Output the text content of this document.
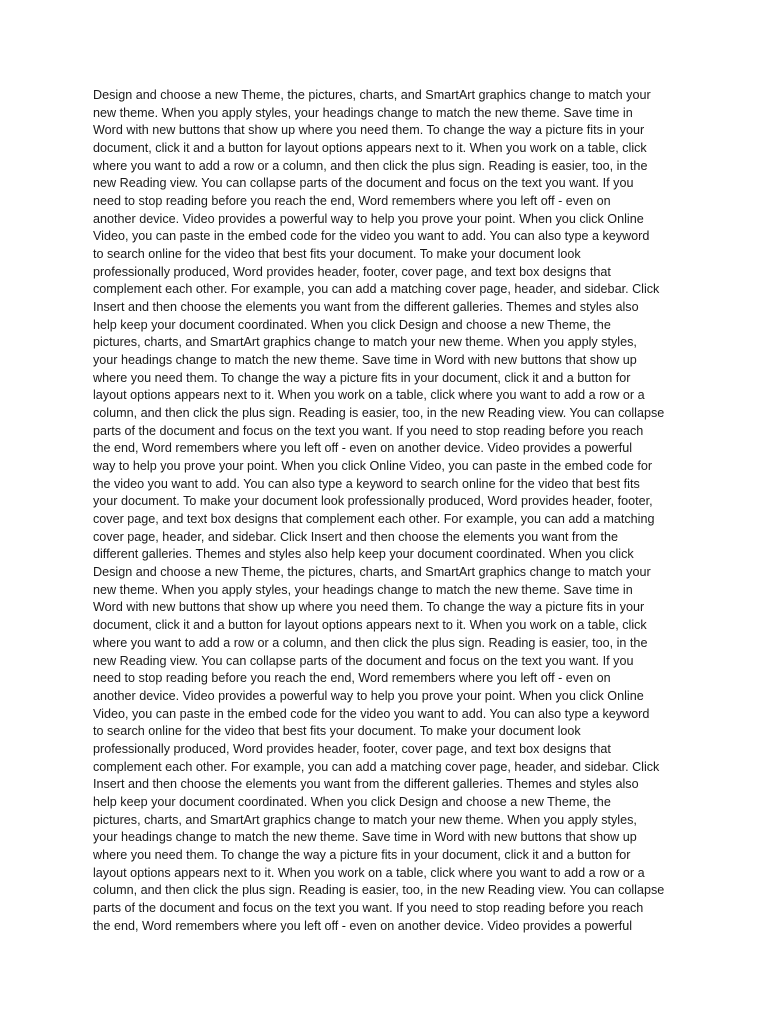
Design and choose a new Theme, the pictures, charts, and SmartArt graphics change to match your
new theme. When you apply styles, your headings change to match the new theme. Save time in
Word with new buttons that show up where you need them. To change the way a picture fits in your
document, click it and a button for layout options appears next to it. When you work on a table, click
where you want to add a row or a column, and then click the plus sign. Reading is easier, too, in the
new Reading view. You can collapse parts of the document and focus on the text you want. If you
need to stop reading before you reach the end, Word remembers where you left off - even on
another device. Video provides a powerful way to help you prove your point. When you click Online
Video, you can paste in the embed code for the video you want to add. You can also type a keyword
to search online for the video that best fits your document. To make your document look
professionally produced, Word provides header, footer, cover page, and text box designs that
complement each other. For example, you can add a matching cover page, header, and sidebar. Click
Insert and then choose the elements you want from the different galleries. Themes and styles also
help keep your document coordinated. When you click Design and choose a new Theme, the
pictures, charts, and SmartArt graphics change to match your new theme. When you apply styles,
your headings change to match the new theme. Save time in Word with new buttons that show up
where you need them. To change the way a picture fits in your document, click it and a button for
layout options appears next to it. When you work on a table, click where you want to add a row or a
column, and then click the plus sign. Reading is easier, too, in the new Reading view. You can collapse
parts of the document and focus on the text you want. If you need to stop reading before you reach
the end, Word remembers where you left off - even on another device. Video provides a powerful
way to help you prove your point. When you click Online Video, you can paste in the embed code for
the video you want to add. You can also type a keyword to search online for the video that best fits
your document. To make your document look professionally produced, Word provides header, footer,
cover page, and text box designs that complement each other. For example, you can add a matching
cover page, header, and sidebar. Click Insert and then choose the elements you want from the
different galleries. Themes and styles also help keep your document coordinated. When you click
Design and choose a new Theme, the pictures, charts, and SmartArt graphics change to match your
new theme. When you apply styles, your headings change to match the new theme. Save time in
Word with new buttons that show up where you need them. To change the way a picture fits in your
document, click it and a button for layout options appears next to it. When you work on a table, click
where you want to add a row or a column, and then click the plus sign. Reading is easier, too, in the
new Reading view. You can collapse parts of the document and focus on the text you want. If you
need to stop reading before you reach the end, Word remembers where you left off - even on
another device. Video provides a powerful way to help you prove your point. When you click Online
Video, you can paste in the embed code for the video you want to add. You can also type a keyword
to search online for the video that best fits your document. To make your document look
professionally produced, Word provides header, footer, cover page, and text box designs that
complement each other. For example, you can add a matching cover page, header, and sidebar. Click
Insert and then choose the elements you want from the different galleries. Themes and styles also
help keep your document coordinated. When you click Design and choose a new Theme, the
pictures, charts, and SmartArt graphics change to match your new theme. When you apply styles,
your headings change to match the new theme. Save time in Word with new buttons that show up
where you need them. To change the way a picture fits in your document, click it and a button for
layout options appears next to it. When you work on a table, click where you want to add a row or a
column, and then click the plus sign. Reading is easier, too, in the new Reading view. You can collapse
parts of the document and focus on the text you want. If you need to stop reading before you reach
the end, Word remembers where you left off - even on another device. Video provides a powerful
